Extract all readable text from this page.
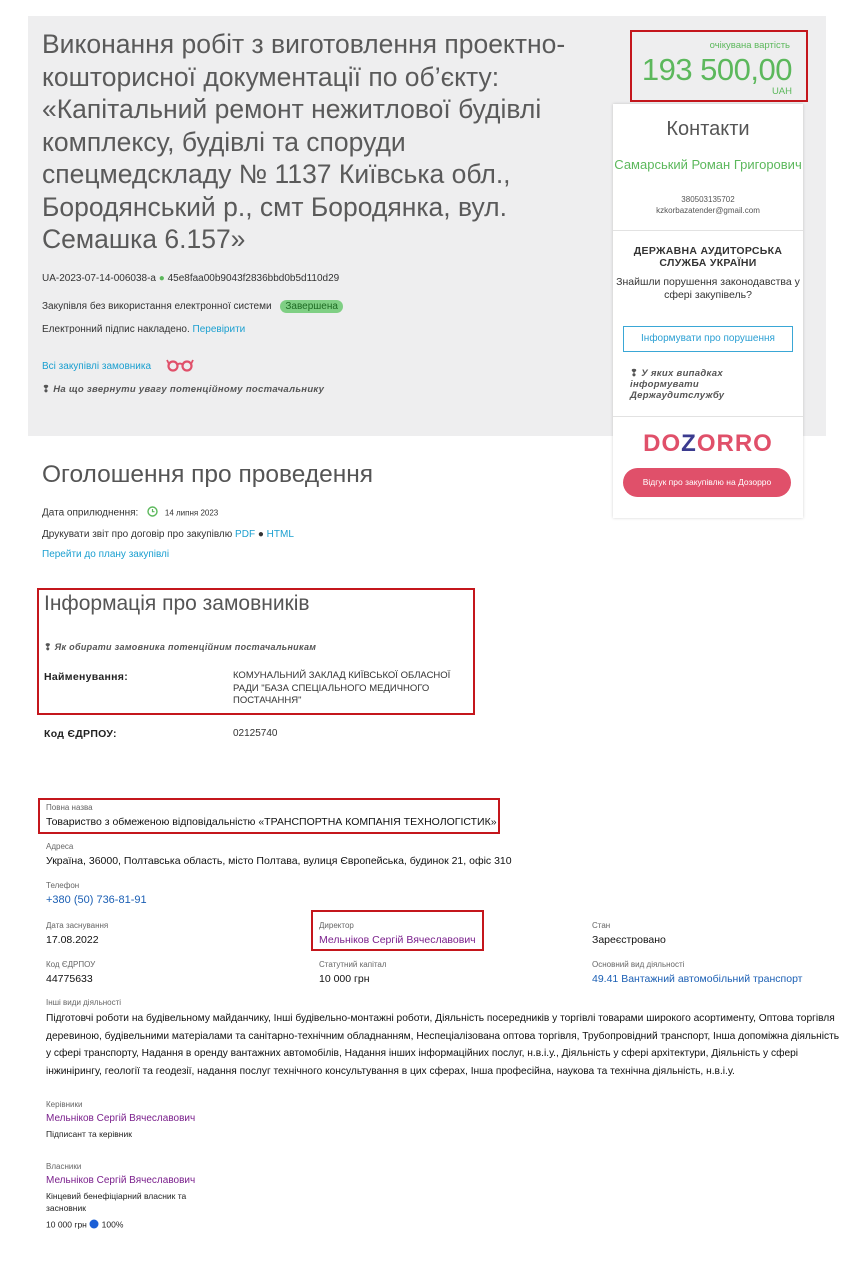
Виконання робіт з виготовлення проектно-кошторисної документації по об’єкту: «Капітальний ремонт нежитлової будівлі комплексу, будівлі та споруди спецмедскладу № 1137 Київська обл., Бородянський р., смт Бородянка, вул. Семашка 6.157»
UA-2023-07-14-006038-a ● 45e8faa00b9043f2836bbd0b5d110d29
Закупівля без використання електронної системи Завершена
Електронний підпис накладено. Перевірити
Всі закупівлі замовника
❢ На що звернути увагу потенційному постачальнику
очікувана вартість
193 500,00
UAH
Контакти
Самарський Роман Григорович
380503135702
kzkorbazatender@gmail.com
ДЕРЖАВНА АУДИТОРСЬКА СЛУЖБА УКРАЇНИ
Знайшли порушення законодавства у сфері закупівель?
Інформувати про порушення
❢ У яких випадках інформувати Держаудитслужбу
DOZORRO
Відгук про закупівлю на Дозорро
Оголошення про проведення
Дата оприлюднення:	14 липня 2023
Друкувати звіт про договір про закупівлю PDF ● HTML
Перейти до плану закупівлі
Інформація про замовників
❢ Як обирати замовника потенційним постачальникам
Найменування:	КОМУНАЛЬНИЙ ЗАКЛАД КИЇВСЬКОЇ ОБЛАСНОЇ РАДИ "БАЗА СПЕЦІАЛЬНОГО МЕДИЧНОГО ПОСТАЧАННЯ"
Код ЄДРПОУ:	02125740
Повна назва
Товариство з обмеженою відповідальністю «ТРАНСПОРТНА КОМПАНІЯ ТЕХНОЛОГІСТИК»
Адреса
Україна, 36000, Полтавська область, місто Полтава, вулиця Європейська, будинок 21, офіс 310
Телефон
+380 (50) 736-81-91
Дата заснування
17.08.2022
Директор
Мельніков Сергій Вячеславович
Стан
Зареєстровано
Код ЄДРПОУ
44775633
Статутний капітал
10 000 грн
Основний вид діяльності
49.41 Вантажний автомобільний транспорт
Інші види діяльності
Підготовчі роботи на будівельному майданчику, Інші будівельно-монтажні роботи, Діяльність посередників у торгівлі товарами широкого асортименту, Оптова торгівля деревиною, будівельними матеріалами та санітарно-технічним обладнанням, Неспеціалізована оптова торгівля, Трубопровідний транспорт, Інша допоміжна діяльність у сфері транспорту, Надання в оренду вантажних автомобілів, Надання інших інформаційних послуг, н.в.і.у., Діяльність у сфері архітектури, Діяльність у сфері інжинірингу, геології та геодезії, надання послуг технічного консультування в цих сферах, Інша професійна, наукова та технічна діяльність, н.в.і.у.
Керівники
Мельніков Сергій Вячеславович
Підписант та керівник
Власники
Мельніков Сергій Вячеславович
Кінцевий бенефіціарний власник та засновник
10 000 грн 100%
